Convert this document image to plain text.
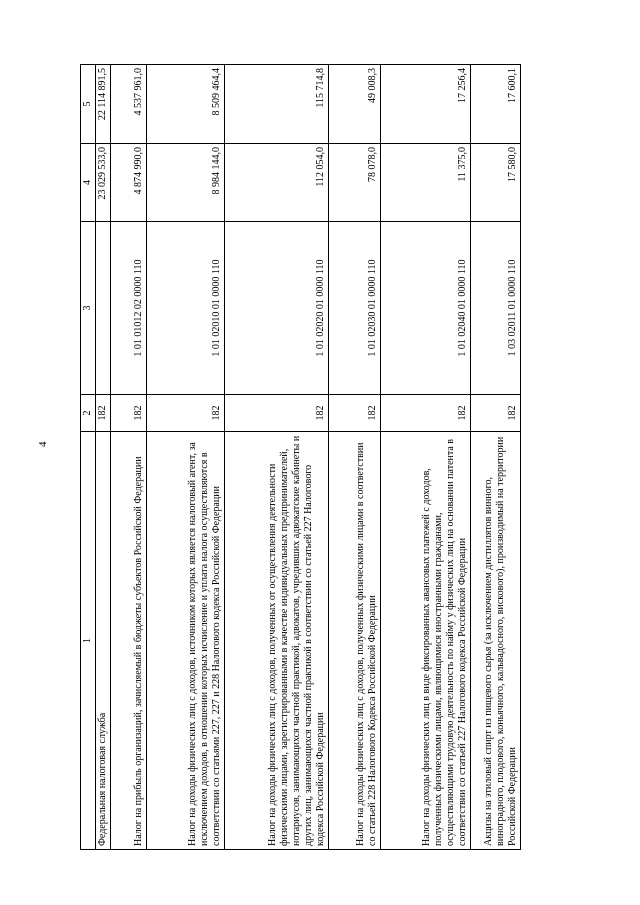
4
1	2	3	4	5
Федеральная налоговая служба	182		23 029 533,0	22 114 891,5
Налог на прибыль организаций, зачисляемый в бюджеты субъектов Российской Федерации	182	1 01 01012 02 0000 110	4 874 990,0	4 537 961,0
Налог на доходы физических лиц с доходов, источником которых является налоговый агент, за исключением доходов, в отношении которых исчисление и уплата налога осуществляются в соответствии со статьями 227, 227 и 228 Налогового кодекса Российской Федерации	182	1 01 02010 01 0000 110	8 984 144,0	8 509 464,4
Налог на доходы физических лиц с доходов, полученных от осуществления деятельности физическими лицами, зарегистрированными в качестве индивидуальных предпринимателей, нотариусов, занимающихся частной практикой, адвокатов, учредивших адвокатские кабинеты и других лиц, занимающихся частной практикой в соответствии со статьей 227 Налогового кодекса Российской Федерации	182	1 01 02020 01 0000 110	112 054,0	115 714,8
Налог на доходы физических лиц с доходов, полученных физическими лицами в соответствии со статьей 228 Налогового Кодекса Российской Федерации	182	1 01 02030 01 0000 110	78 078,0	49 008,3
Налог на доходы физических лиц в виде фиксированных авансовых платежей с доходов, полученных физическими лицами, являющимися иностранными гражданами, осуществляющими трудовую деятельность по найму у физических лиц на основании патента в соответствии со статьей 227 Налогового кодекса Российской Федерации	182	1 01 02040 01 0000 110	11 375,0	17 256,4
Акцизы на этиловый спирт из пищевого сырья (за исключением дистиллятов винного, виноградного, плодового, коньячного, кальвадосного, вискового), производимый на территории Российской Федерации	182	1 03 02011 01 0000 110	17 580,0	17 600,1
